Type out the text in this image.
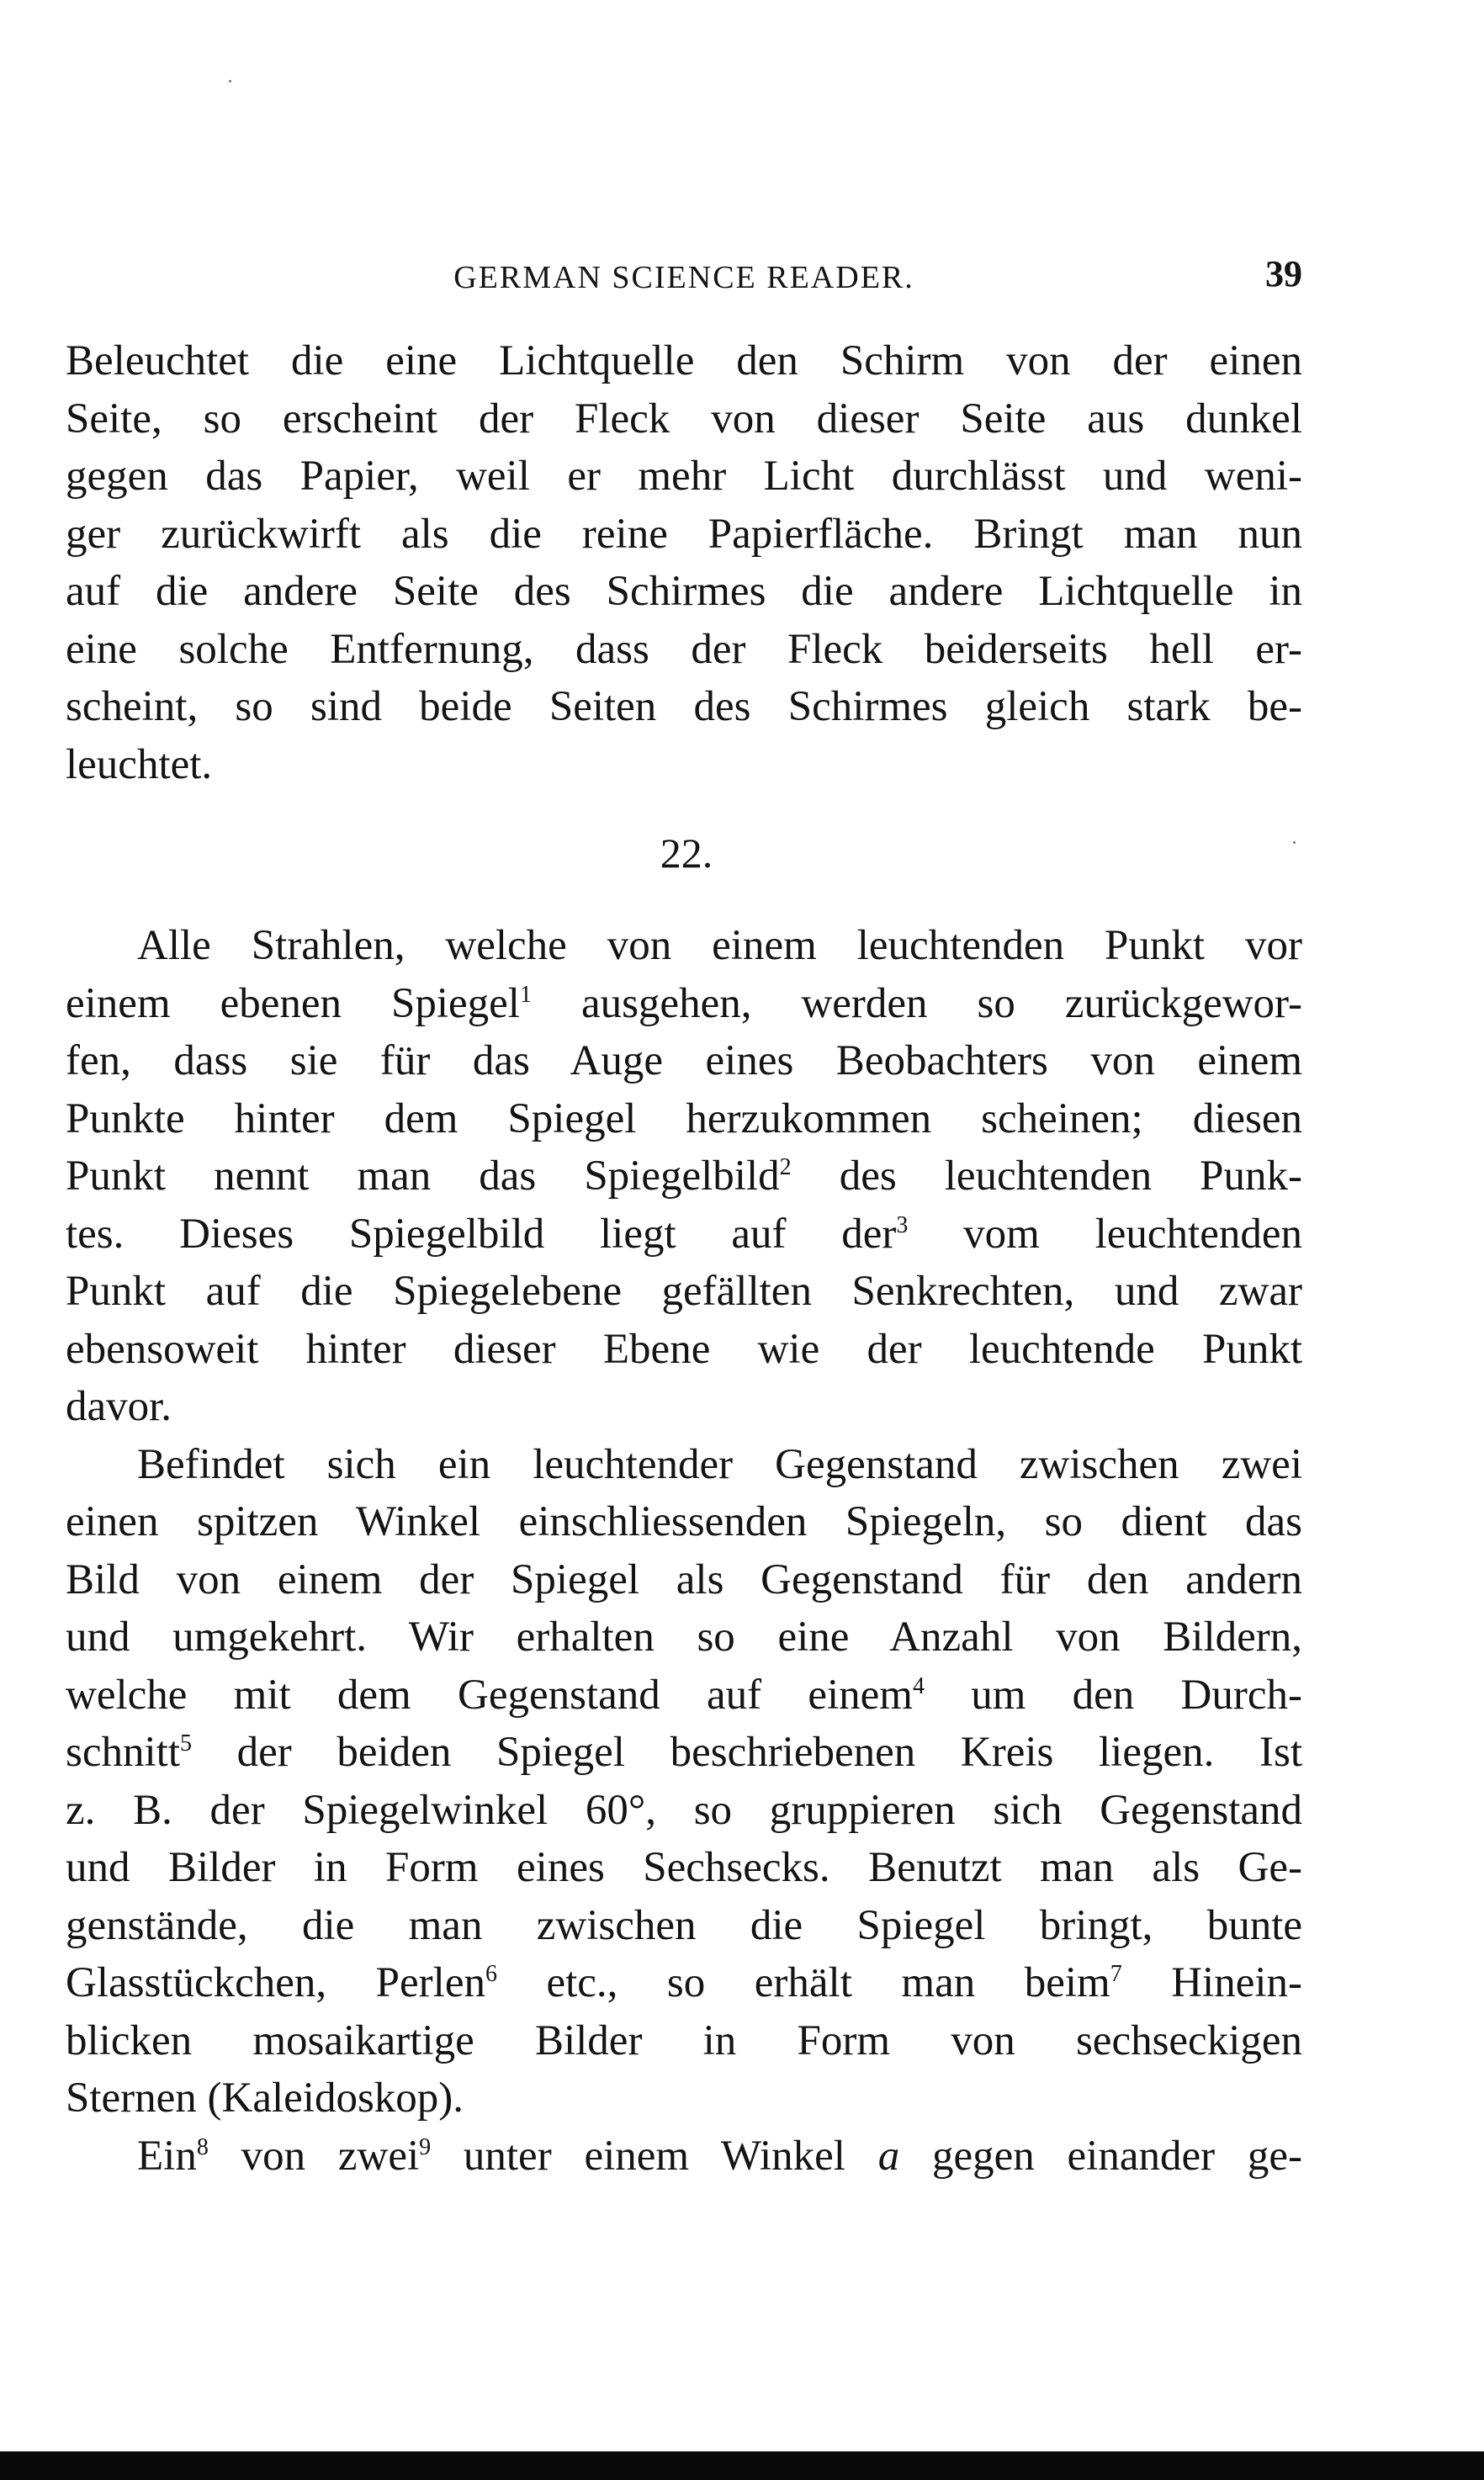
GERMAN SCIENCE READER.	39
Beleuchtet die eine Lichtquelle den Schirm von der einen
Seite, so erscheint der Fleck von dieser Seite aus dunkel
gegen das Papier, weil er mehr Licht durchlässt und weni-
ger zurückwirft als die reine Papierfläche. Bringt man nun
auf die andere Seite des Schirmes die andere Lichtquelle in
eine solche Entfernung, dass der Fleck beiderseits hell er-
scheint, so sind beide Seiten des Schirmes gleich stark be-
leuchtet.
22.
Alle Strahlen, welche von einem leuchtenden Punkt vor
einem ebenen Spiegel$^1$ ausgehen, werden so zurückgewor-
fen, dass sie für das Auge eines Beobachters von einem
Punkte hinter dem Spiegel herzukommen scheinen; diesen
Punkt nennt man das Spiegelbild$^2$ des leuchtenden Punk-
tes. Dieses Spiegelbild liegt auf der$^3$ vom leuchtenden
Punkt auf die Spiegelebene gefällten Senkrechten, und zwar
ebensoweit hinter dieser Ebene wie der leuchtende Punkt
davor.
Befindet sich ein leuchtender Gegenstand zwischen zwei
einen spitzen Winkel einschliessenden Spiegeln, so dient das
Bild von einem der Spiegel als Gegenstand für den andern
und umgekehrt. Wir erhalten so eine Anzahl von Bildern,
welche mit dem Gegenstand auf einem$^4$ um den Durch-
schnitt$^5$ der beiden Spiegel beschriebenen Kreis liegen. Ist
z. B. der Spiegelwinkel 60°, so gruppieren sich Gegenstand
und Bilder in Form eines Sechsecks. Benutzt man als Ge-
genstände, die man zwischen die Spiegel bringt, bunte
Glasstückchen, Perlen$^6$ etc., so erhält man beim$^7$ Hinein-
blicken mosaikartige Bilder in Form von sechseckigen
Sternen (Kaleidoskop).
Ein$^8$ von zwei$^9$ unter einem Winkel a gegen einander ge-
